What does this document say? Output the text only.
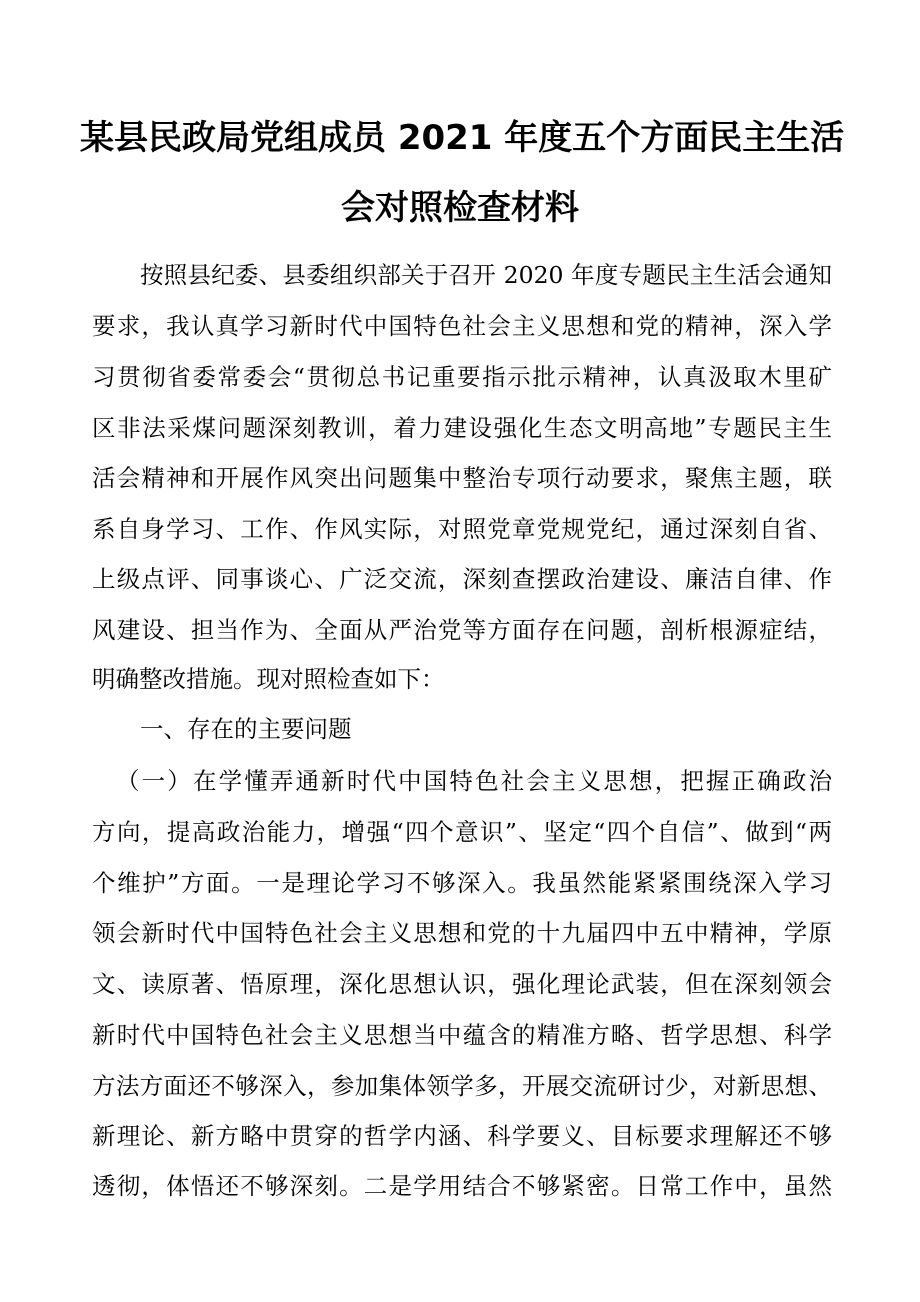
某县民政局党组成员 2021 年度五个方面民主生活
会对照检查材料
按照县纪委、县委组织部关于召开 2020 年度专题民主生活会通知
要求，我认真学习新时代中国特色社会主义思想和党的精神，深入学
习贯彻省委常委会“贯彻总书记重要指示批示精神，认真汲取木里矿
区非法采煤问题深刻教训，着力建设强化生态文明高地”专题民主生
活会精神和开展作风突出问题集中整治专项行动要求，聚焦主题，联
系自身学习、工作、作风实际，对照党章党规党纪，通过深刻自省、
上级点评、同事谈心、广泛交流，深刻查摆政治建设、廉洁自律、作
风建设、担当作为、全面从严治党等方面存在问题，剖析根源症结，
明确整改措施。现对照检查如下：
一、存在的主要问题
（一）在学懂弄通新时代中国特色社会主义思想，把握正确政治
方向，提高政治能力，增强“四个意识”、坚定“四个自信”、做到“两
个维护”方面。一是理论学习不够深入。我虽然能紧紧围绕深入学习
领会新时代中国特色社会主义思想和党的十九届四中五中精神，学原
文、读原著、悟原理，深化思想认识，强化理论武装，但在深刻领会
新时代中国特色社会主义思想当中蕴含的精准方略、哲学思想、科学
方法方面还不够深入，参加集体领学多，开展交流研讨少，对新思想、
新理论、新方略中贯穿的哲学内涵、科学要义、目标要求理解还不够
透彻，体悟还不够深刻。二是学用结合不够紧密。日常工作中，虽然
